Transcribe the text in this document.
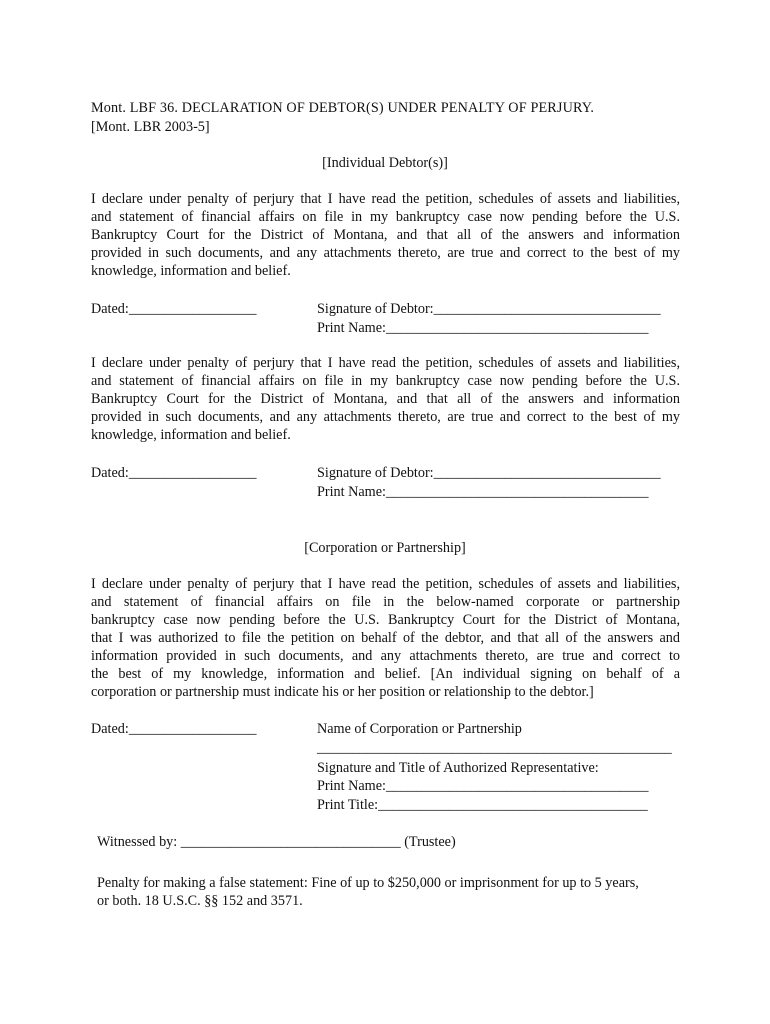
Mont. LBF 36. DECLARATION OF DEBTOR(S) UNDER PENALTY OF PERJURY.
[Mont. LBR 2003-5]
[Individual Debtor(s)]
I declare under penalty of perjury that I have read the petition, schedules of assets and liabilities,
and statement of financial affairs on file in my bankruptcy case now pending before the U.S.
Bankruptcy Court for the District of Montana, and that all of the answers and information
provided in such documents, and any attachments thereto, are true and correct to the best of my
knowledge, information and belief.
Dated:__________________	Signature of Debtor:________________________________
Print Name:_____________________________________
I declare under penalty of perjury that I have read the petition, schedules of assets and liabilities,
and statement of financial affairs on file in my bankruptcy case now pending before the U.S.
Bankruptcy Court for the District of Montana, and that all of the answers and information
provided in such documents, and any attachments thereto, are true and correct to the best of my
knowledge, information and belief.
Dated:__________________	Signature of Debtor:________________________________
Print Name:_____________________________________
[Corporation or Partnership]
I declare under penalty of perjury that I have read the petition, schedules of assets and liabilities,
and statement of financial affairs on file in the below-named corporate or partnership
bankruptcy case now pending before the U.S. Bankruptcy Court for the District of Montana,
that I was authorized to file the petition on behalf of the debtor, and that all of the answers and
information provided in such documents, and any attachments thereto, are true and correct to
the best of my knowledge, information and belief. [An individual signing on behalf of a
corporation or partnership must indicate his or her position or relationship to the debtor.]
Dated:__________________	Name of Corporation or Partnership
__________________________________________________
Signature and Title of Authorized Representative:
Print Name:_____________________________________
Print Title:______________________________________
Witnessed by: _______________________________ (Trustee)
Penalty for making a false statement: Fine of up to $250,000 or imprisonment for up to 5 years,
or both. 18 U.S.C. §§ 152 and 3571.
